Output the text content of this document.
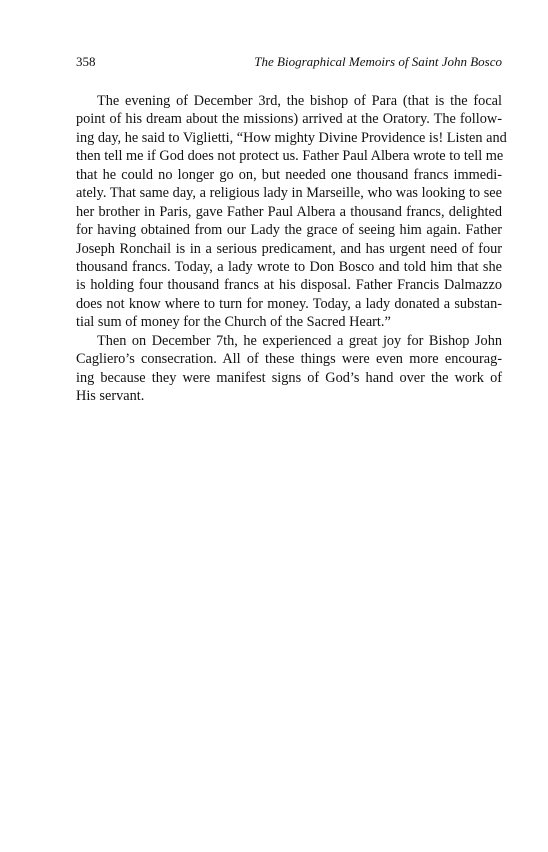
358	The Biographical Memoirs of Saint John Bosco
The evening of December 3rd, the bishop of Para (that is the focal
point of his dream about the missions) arrived at the Oratory. The follow-
ing day, he said to Viglietti, “How mighty Divine Providence is! Listen and
then tell me if God does not protect us. Father Paul Albera wrote to tell me
that he could no longer go on, but needed one thousand francs immedi-
ately. That same day, a religious lady in Marseille, who was looking to see
her brother in Paris, gave Father Paul Albera a thousand francs, delighted
for having obtained from our Lady the grace of seeing him again. Father
Joseph Ronchail is in a serious predicament, and has urgent need of four
thousand francs. Today, a lady wrote to Don Bosco and told him that she
is holding four thousand francs at his disposal. Father Francis Dalmazzo
does not know where to turn for money. Today, a lady donated a substan-
tial sum of money for the Church of the Sacred Heart.”
Then on December 7th, he experienced a great joy for Bishop John
Cagliero’s consecration. All of these things were even more encourag-
ing because they were manifest signs of God’s hand over the work of
His servant.
